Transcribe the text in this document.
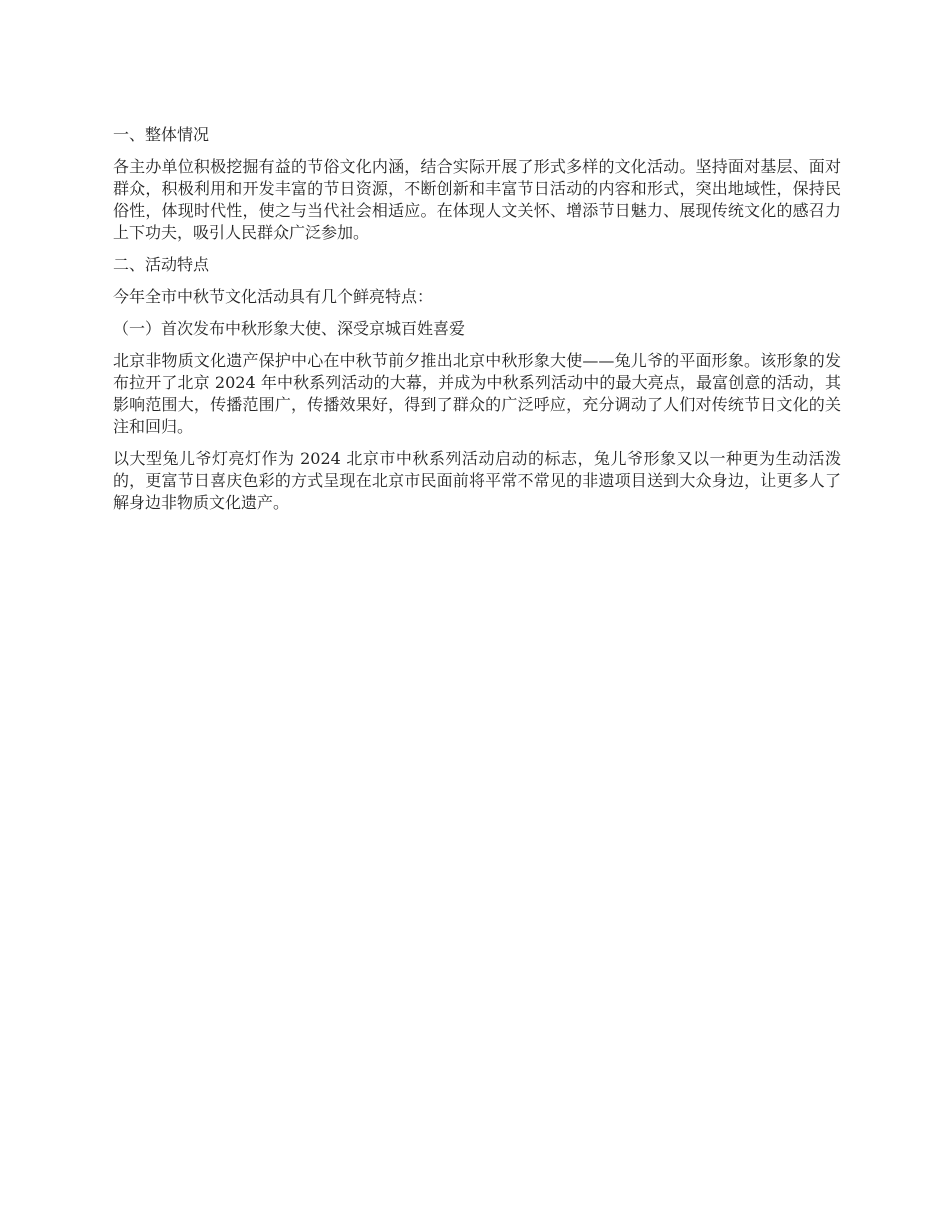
一、整体情况

各主办单位积极挖掘有益的节俗文化内涵，结合实际开展了形式多样的文化活动。坚持面对基层、面对群众，积极利用和开发丰富的节日资源，不断创新和丰富节日活动的内容和形式，突出地域性，保持民俗性，体现时代性，使之与当代社会相适应。在体现人文关怀、增添节日魅力、展现传统文化的感召力上下功夫，吸引人民群众广泛参加。

二、活动特点

今年全市中秋节文化活动具有几个鲜亮特点：

（一）首次发布中秋形象大使、深受京城百姓喜爱

北京非物质文化遗产保护中心在中秋节前夕推出北京中秋形象大使——兔儿爷的平面形象。该形象的发布拉开了北京 2024 年中秋系列活动的大幕，并成为中秋系列活动中的最大亮点，最富创意的活动，其影响范围大，传播范围广，传播效果好，得到了群众的广泛呼应，充分调动了人们对传统节日文化的关注和回归。

以大型兔儿爷灯亮灯作为 2024 北京市中秋系列活动启动的标志，兔儿爷形象又以一种更为生动活泼的，更富节日喜庆色彩的方式呈现在北京市民面前将平常不常见的非遗项目送到大众身边，让更多人了解身边非物质文化遗产。
